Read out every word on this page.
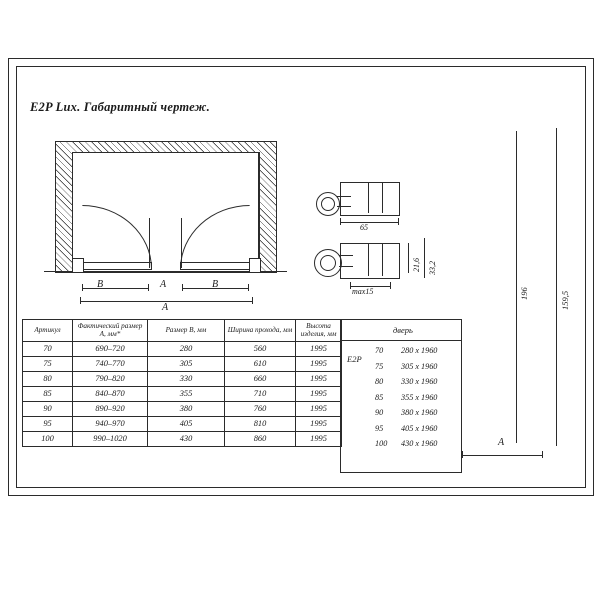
E2P Lux. Габаритный чертеж.
B	B
A
A
65
max15
21,6 33,2
196	159,5
A
Артикул	Фактический размер А, мм*	Размер В, мм	Ширина прохода, мм	Высота изделия, мм
70	690–720	280	560	1995
75	740–770	305	610	1995
80	790–820	330	660	1995
85	840–870	355	710	1995
90	890–920	380	760	1995
95	940–970	405	810	1995
100	990–1020	430	860	1995
дверь
E2P
70 280 x 1960
75 305 x 1960
80 330 x 1960
85 355 x 1960
90 380 x 1960
95 405 x 1960
100 430 x 1960
